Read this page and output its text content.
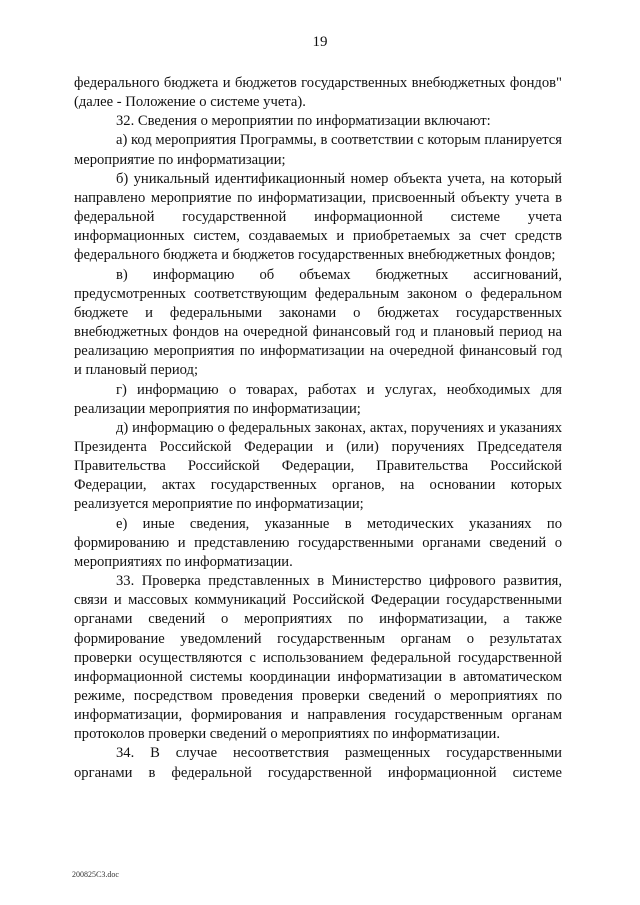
19

федерального бюджета и бюджетов государственных внебюджетных фондов" (далее - Положение о системе учета).

32. Сведения о мероприятии по информатизации включают:

а) код мероприятия Программы, в соответствии с которым планируется мероприятие по информатизации;

б) уникальный идентификационный номер объекта учета, на который направлено мероприятие по информатизации, присвоенный объекту учета в федеральной государственной информационной системе учета информационных систем, создаваемых и приобретаемых за счет средств федерального бюджета и бюджетов государственных внебюджетных фондов;

в) информацию об объемах бюджетных ассигнований, предусмотренных соответствующим федеральным законом о федеральном бюджете и федеральными законами о бюджетах государственных внебюджетных фондов на очередной финансовый год и плановый период на реализацию мероприятия по информатизации на очередной финансовый год и плановый период;

г) информацию о товарах, работах и услугах, необходимых для реализации мероприятия по информатизации;

д) информацию о федеральных законах, актах, поручениях и указаниях Президента Российской Федерации и (или) поручениях Председателя Правительства Российской Федерации, Правительства Российской Федерации, актах государственных органов, на основании которых реализуется мероприятие по информатизации;

е) иные сведения, указанные в методических указаниях по формированию и представлению государственными органами сведений о мероприятиях по информатизации.

33. Проверка представленных в Министерство цифрового развития, связи и массовых коммуникаций Российской Федерации государственными органами сведений о мероприятиях по информатизации, а также формирование уведомлений государственным органам о результатах проверки осуществляются с использованием федеральной государственной информационной системы координации информатизации в автоматическом режиме, посредством проведения проверки сведений о мероприятиях по информатизации, формирования и направления государственным органам протоколов проверки сведений о мероприятиях по информатизации.

34. В случае несоответствия размещенных государственными органами в федеральной государственной информационной системе

200825C3.doc
